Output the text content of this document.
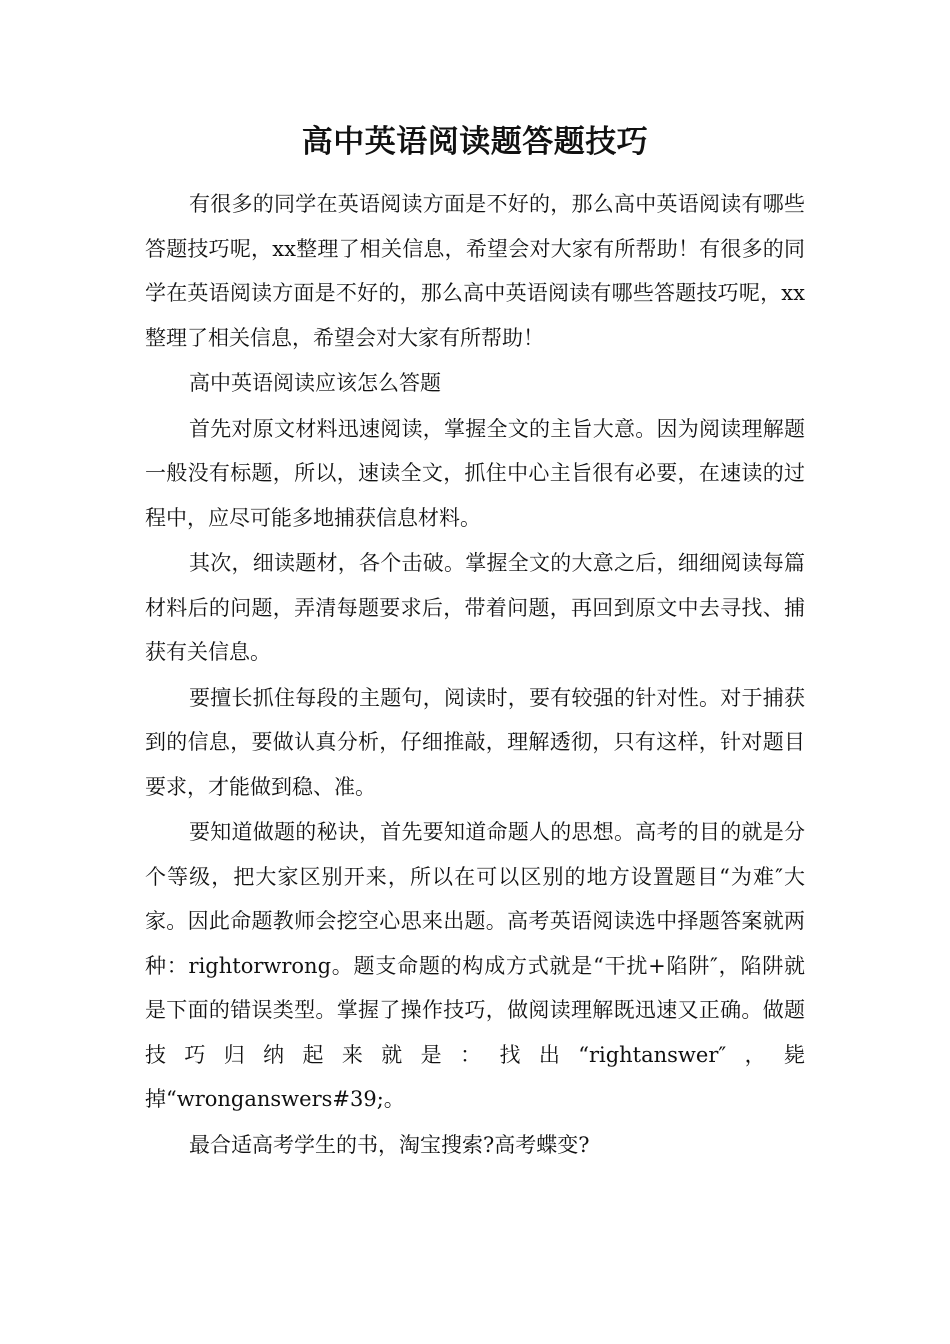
高中英语阅读题答题技巧

有很多的同学在英语阅读方面是不好的，那么高中英语阅读有哪些答题技巧呢，xx整理了相关信息，希望会对大家有所帮助！有很多的同学在英语阅读方面是不好的，那么高中英语阅读有哪些答题技巧呢，xx整理了相关信息，希望会对大家有所帮助！

高中英语阅读应该怎么答题

首先对原文材料迅速阅读，掌握全文的主旨大意。因为阅读理解题一般没有标题，所以，速读全文，抓住中心主旨很有必要，在速读的过程中，应尽可能多地捕获信息材料。

其次，细读题材，各个击破。掌握全文的大意之后，细细阅读每篇材料后的问题，弄清每题要求后，带着问题，再回到原文中去寻找、捕获有关信息。

要擅长抓住每段的主题句，阅读时，要有较强的针对性。对于捕获到的信息，要做认真分析，仔细推敲，理解透彻，只有这样，针对题目要求，才能做到稳、准。

要知道做题的秘诀，首先要知道命题人的思想。高考的目的就是分个等级，把大家区别开来，所以在可以区别的地方设置题目“为难″大家。因此命题教师会挖空心思来出题。高考英语阅读选中择题答案就两种：rightorwrong。题支命题的构成方式就是“干扰+陷阱″，陷阱就是下面的错误类型。掌握了操作技巧，做阅读理解既迅速又正确。做题技巧归纳起来就是：找出“rightanswer″，毙掉“wronganswers#39;。

最合适高考学生的书，淘宝搜索?高考蝶变?
